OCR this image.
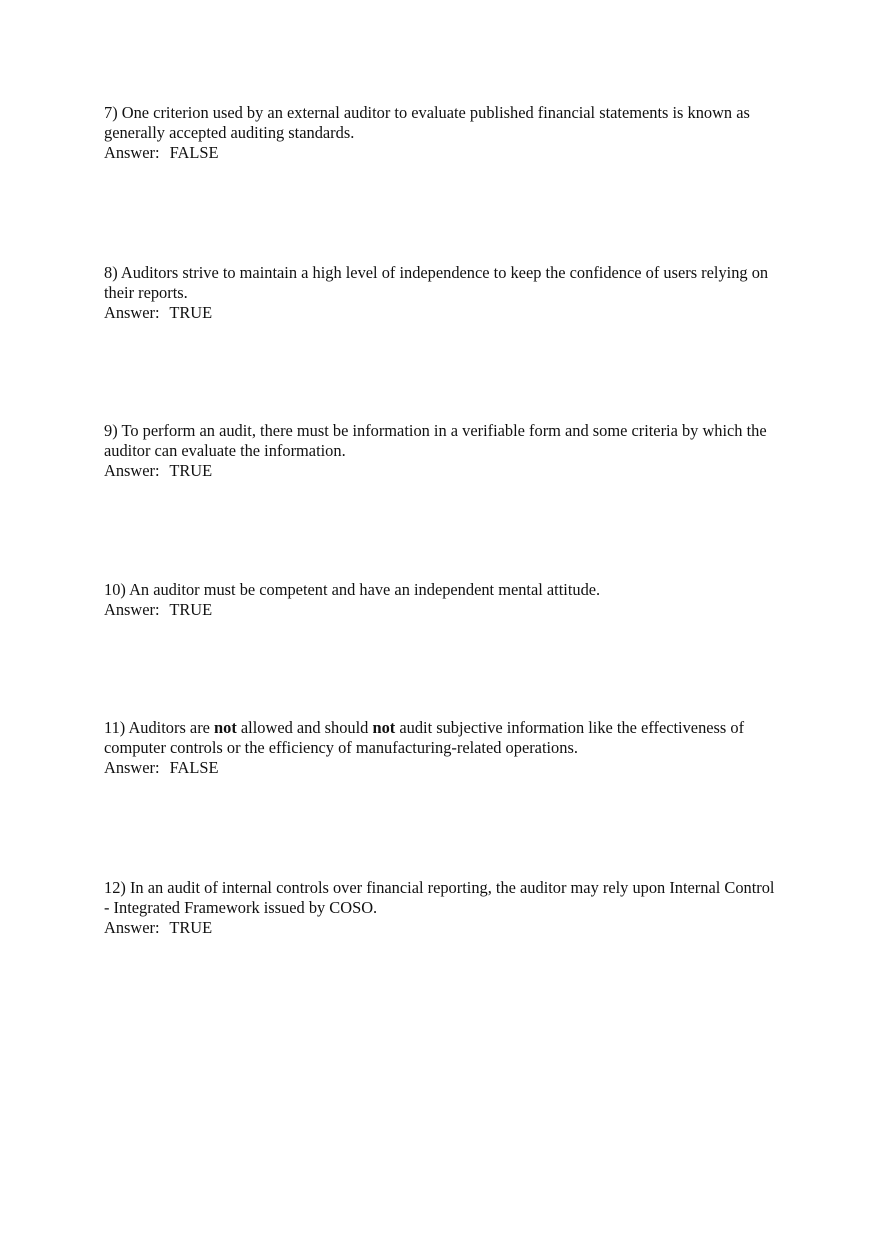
7) One criterion used by an external auditor to evaluate published financial statements is known as generally accepted auditing standards.

Answer: FALSE

8) Auditors strive to maintain a high level of independence to keep the confidence of users relying on their reports.

Answer: TRUE

9) To perform an audit, there must be information in a verifiable form and some criteria by which the auditor can evaluate the information.

Answer: TRUE

10) An auditor must be competent and have an independent mental attitude.

Answer: TRUE

11) Auditors are not allowed and should not audit subjective information like the effectiveness of computer controls or the efficiency of manufacturing-related operations.

Answer: FALSE

12) In an audit of internal controls over financial reporting, the auditor may rely upon Internal Control - Integrated Framework issued by COSO.

Answer: TRUE
